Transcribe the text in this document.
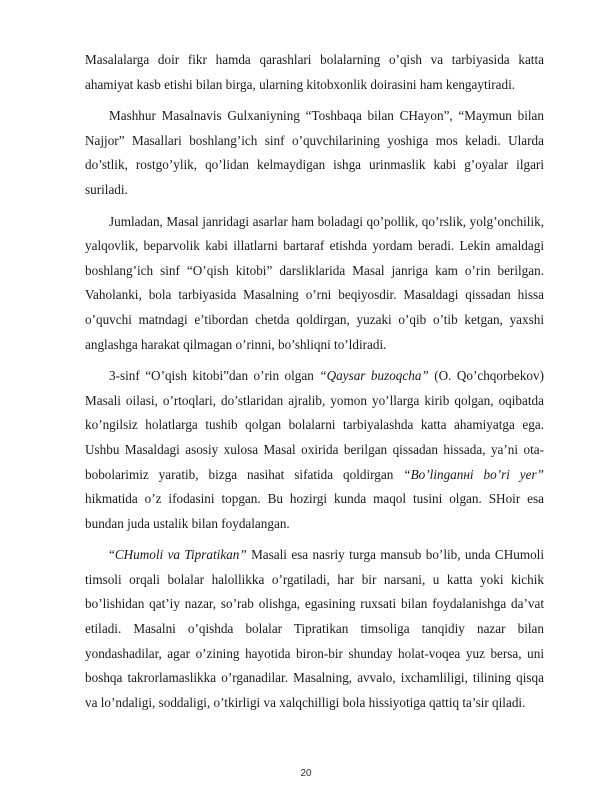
Masalalarga doir fikr hamda qarashlari bolalarning o’qish va tarbiyasida katta ahamiyat kasb etishi bilan birga, ularning kitobxonlik doirasini ham kengaytiradi.

Mashhur Masalnavis Gulxaniyning “Toshbaqa bilan CHayon”, “Maymun bilan Najjor” Masallari boshlang’ich sinf o’quvchilarining yoshiga mos keladi. Ularda do’stlik, rostgo’ylik, qo’lidan kelmaydigan ishga urinmaslik kabi g’oyalar ilgari suriladi.

Jumladan, Masal janridagi asarlar ham boladagi qo’pollik, qo’rslik, yolg’onchilik, yalqovlik, beparvolik kabi illatlarni bartaraf etishda yordam beradi. Lekin amaldagi boshlang’ich sinf “O’qish kitobi” darsliklarida Masal janriga kam o’rin berilgan. Vaholanki, bola tarbiyasida Masalning o’rni beqiyosdir. Masaldagi qissadan hissa o’quvchi matndagi e’tibordan chetda qoldirgan, yuzaki o’qib o’tib ketgan, yaxshi anglashga harakat qilmagan o’rinni, bo’shliqni to’ldiradi.

3-sinf “O’qish kitobi”dan o’rin olgan “Qaysar buzoqcha” (O. Qo’chqorbekov) Masali oilasi, o’rtoqlari, do’stlaridan ajralib, yomon yo’llarga kirib qolgan, oqibatda ko’ngilsiz holatlarga tushib qolgan bolalarni tarbiyalashda katta ahamiyatga ega. Ushbu Masaldagi asosiy xulosa Masal oxirida berilgan qissadan hissada, ya’ni ota-bobolarimiz yaratib, bizga nasihat sifatida qoldirgan “Bo’linganнi bo’ri yer” hikmatida o’z ifodasini topgan. Bu hozirgi kunda maqol tusini olgan. SHoir esa bundan juda ustalik bilan foydalangan.

“CHumoli va Tipratikan” Masali esa nasriy turga mansub bo’lib, unda CHumoli timsoli orqali bolalar halollikka o’rgatiladi, har bir narsani, u katta yoki kichik bo’lishidan qat’iy nazar, so’rab olishga, egasining ruxsati bilan foydalanishga da’vat etiladi. Masalni o’qishda bolalar Tipratikan timsoliga tanqidiy nazar bilan yondashadilar, agar o’zining hayotida biron-bir shunday holat-voqea yuz bersa, uni boshqa takrorlamaslikka o’rganadilar. Masalning, avvalo, ixchamliligi, tilining qisqa va lo’ndaligi, soddaligi, o’tkirligi va xalqchilligi bola hissiyotiga qattiq ta’sir qiladi.

20
